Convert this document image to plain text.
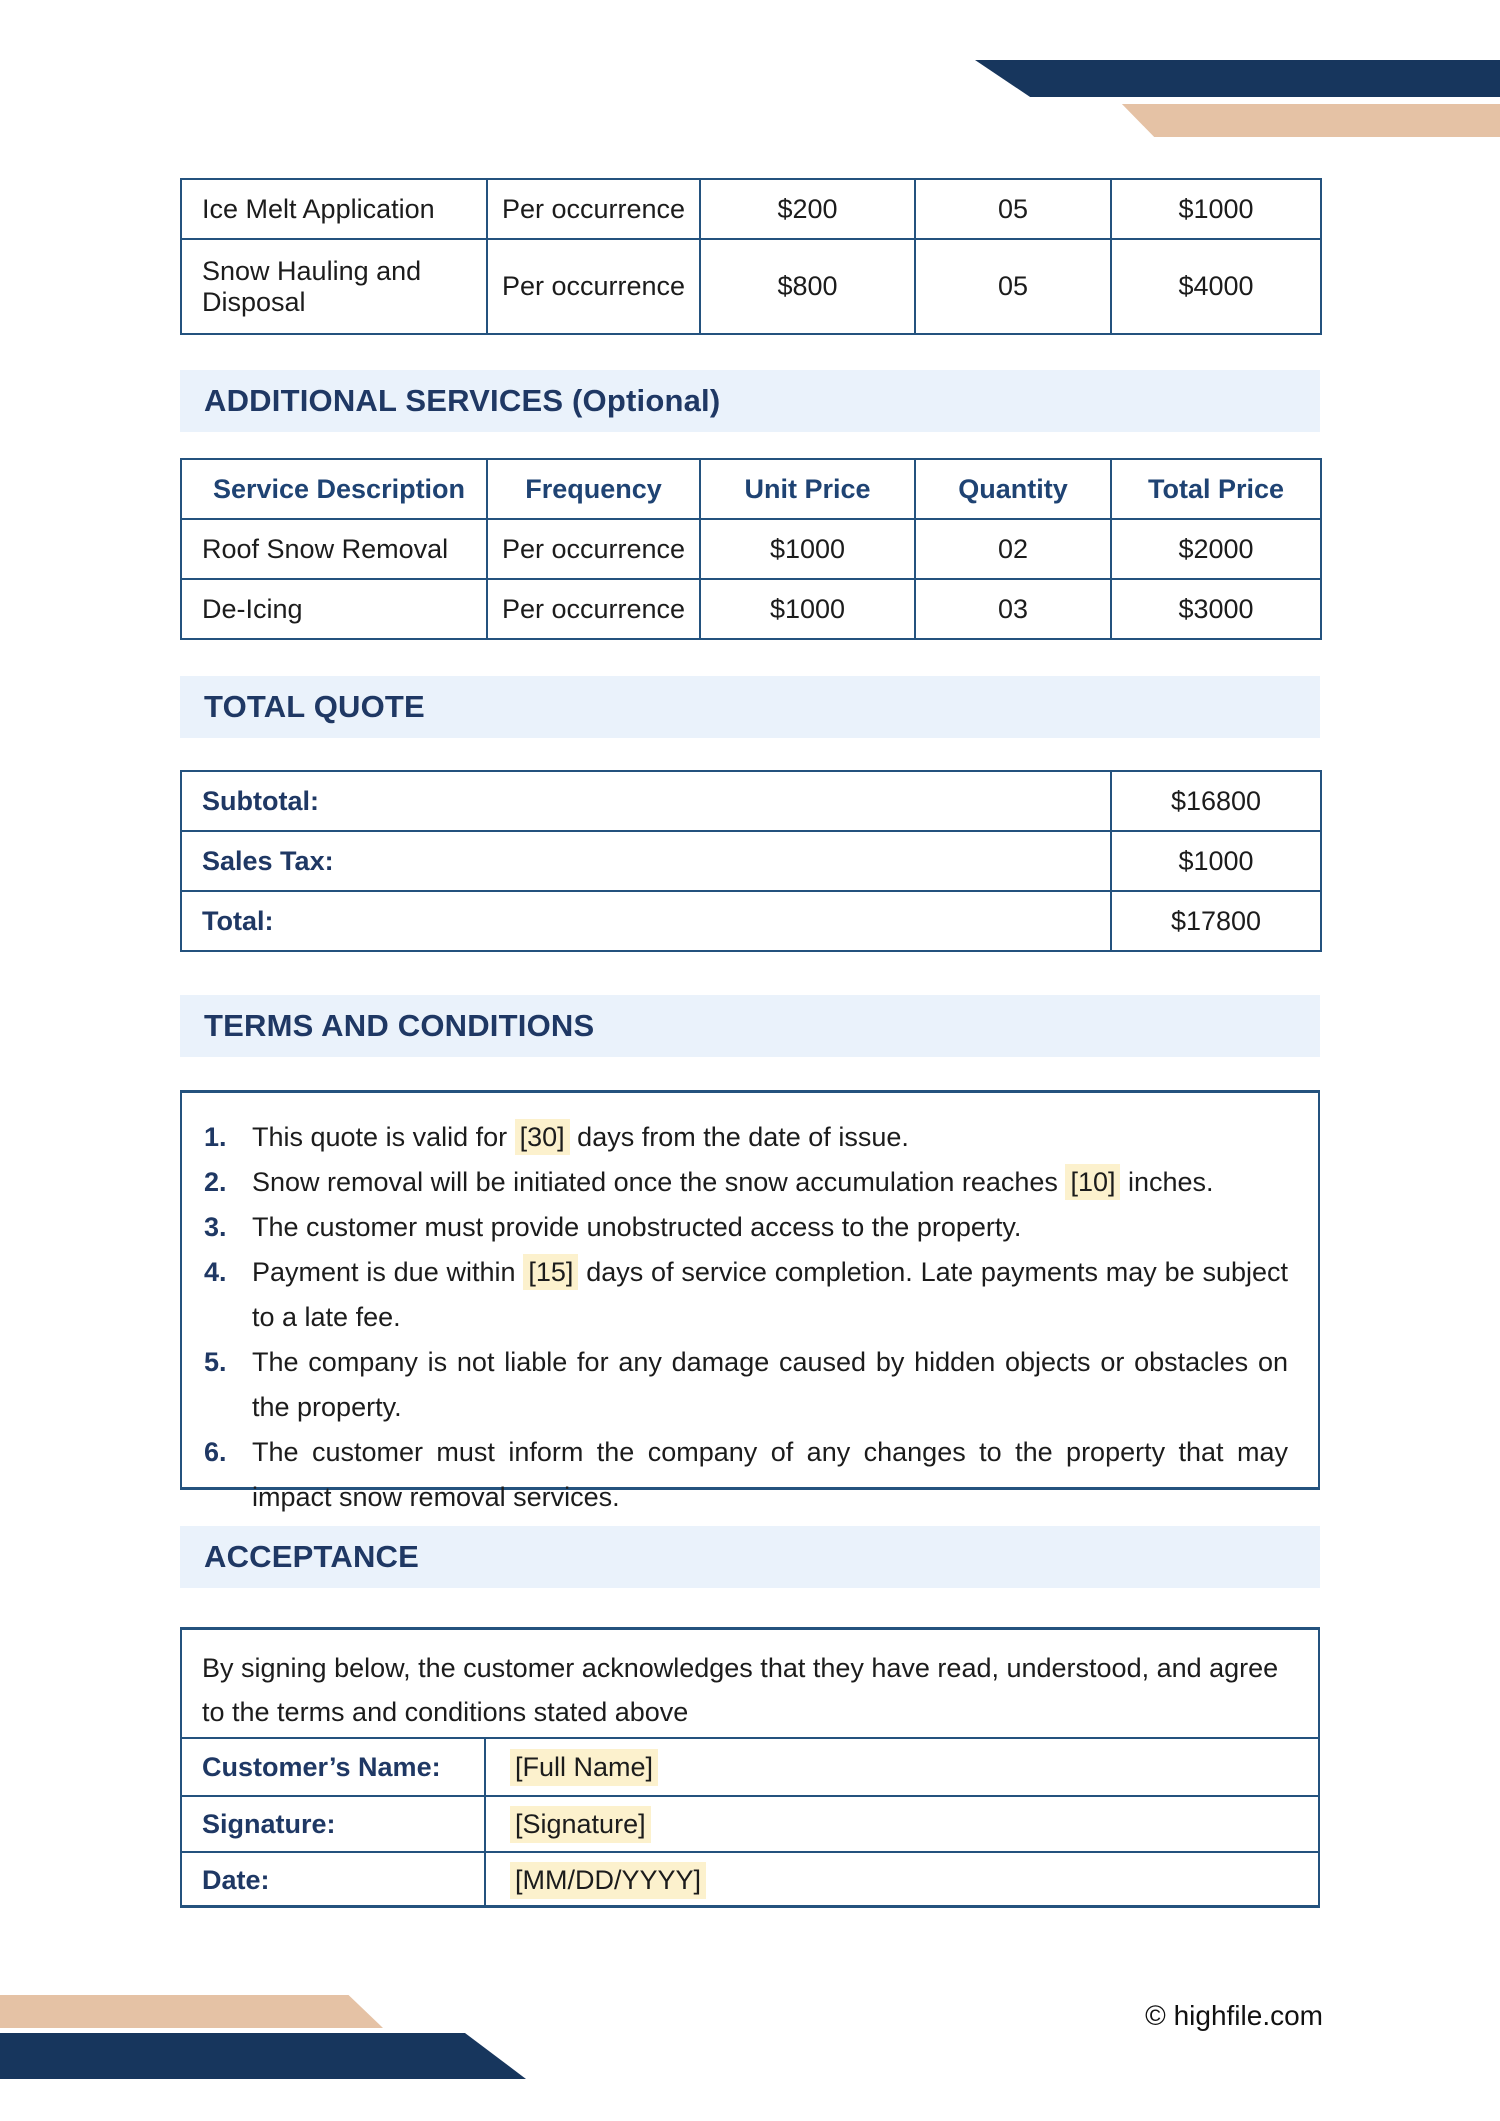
Ice Melt Application	Per occurrence	$200	05	$1000
Snow Hauling and Disposal	Per occurrence	$800	05	$4000
ADDITIONAL SERVICES (Optional)
Service Description	Frequency	Unit Price	Quantity	Total Price
Roof Snow Removal	Per occurrence	$1000	02	$2000
De-Icing	Per occurrence	$1000	03	$3000
TOTAL QUOTE
Subtotal:	$16800
Sales Tax:	$1000
Total:	$17800
TERMS AND CONDITIONS
1. This quote is valid for [30] days from the date of issue.
2. Snow removal will be initiated once the snow accumulation reaches [10] inches.
3. The customer must provide unobstructed access to the property.
4. Payment is due within [15] days of service completion. Late payments may be subject to a late fee.
5. The company is not liable for any damage caused by hidden objects or obstacles on the property.
6. The customer must inform the company of any changes to the property that may impact snow removal services.
ACCEPTANCE
By signing below, the customer acknowledges that they have read, understood, and agree to the terms and conditions stated above
Customer’s Name:	[Full Name]
Signature:	[Signature]
Date:	[MM/DD/YYYY]
© highfile.com
